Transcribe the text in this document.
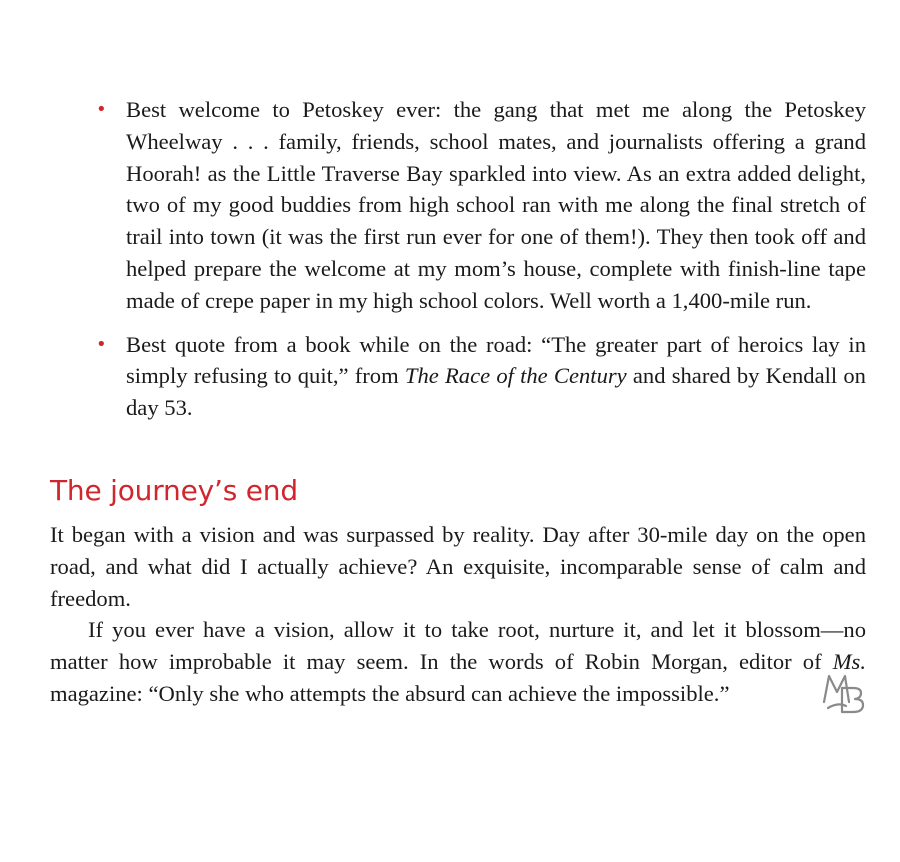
• Best welcome to Petoskey ever: the gang that met me along the Petoskey Wheelway . . . family, friends, school mates, and journalists offering a grand Hoorah! as the Little Traverse Bay sparkled into view. As an extra added delight, two of my good buddies from high school ran with me along the final stretch of trail into town (it was the first run ever for one of them!). They then took off and helped prepare the welcome at my mom’s house, complete with finish-line tape made of crepe paper in my high school colors. Well worth a 1,400-mile run.
• Best quote from a book while on the road: “The greater part of heroics lay in simply refusing to quit,” from The Race of the Century and shared by Kendall on day 53.
The journey’s end

It began with a vision and was surpassed by reality. Day after 30-mile day on the open road, and what did I actually achieve? An exquisite, incomparable sense of calm and freedom.

If you ever have a vision, allow it to take root, nurture it, and let it blossom—no matter how improbable it may seem. In the words of Robin Morgan, editor of Ms. magazine: “Only she who attempts the absurd can achieve the impossible.”
